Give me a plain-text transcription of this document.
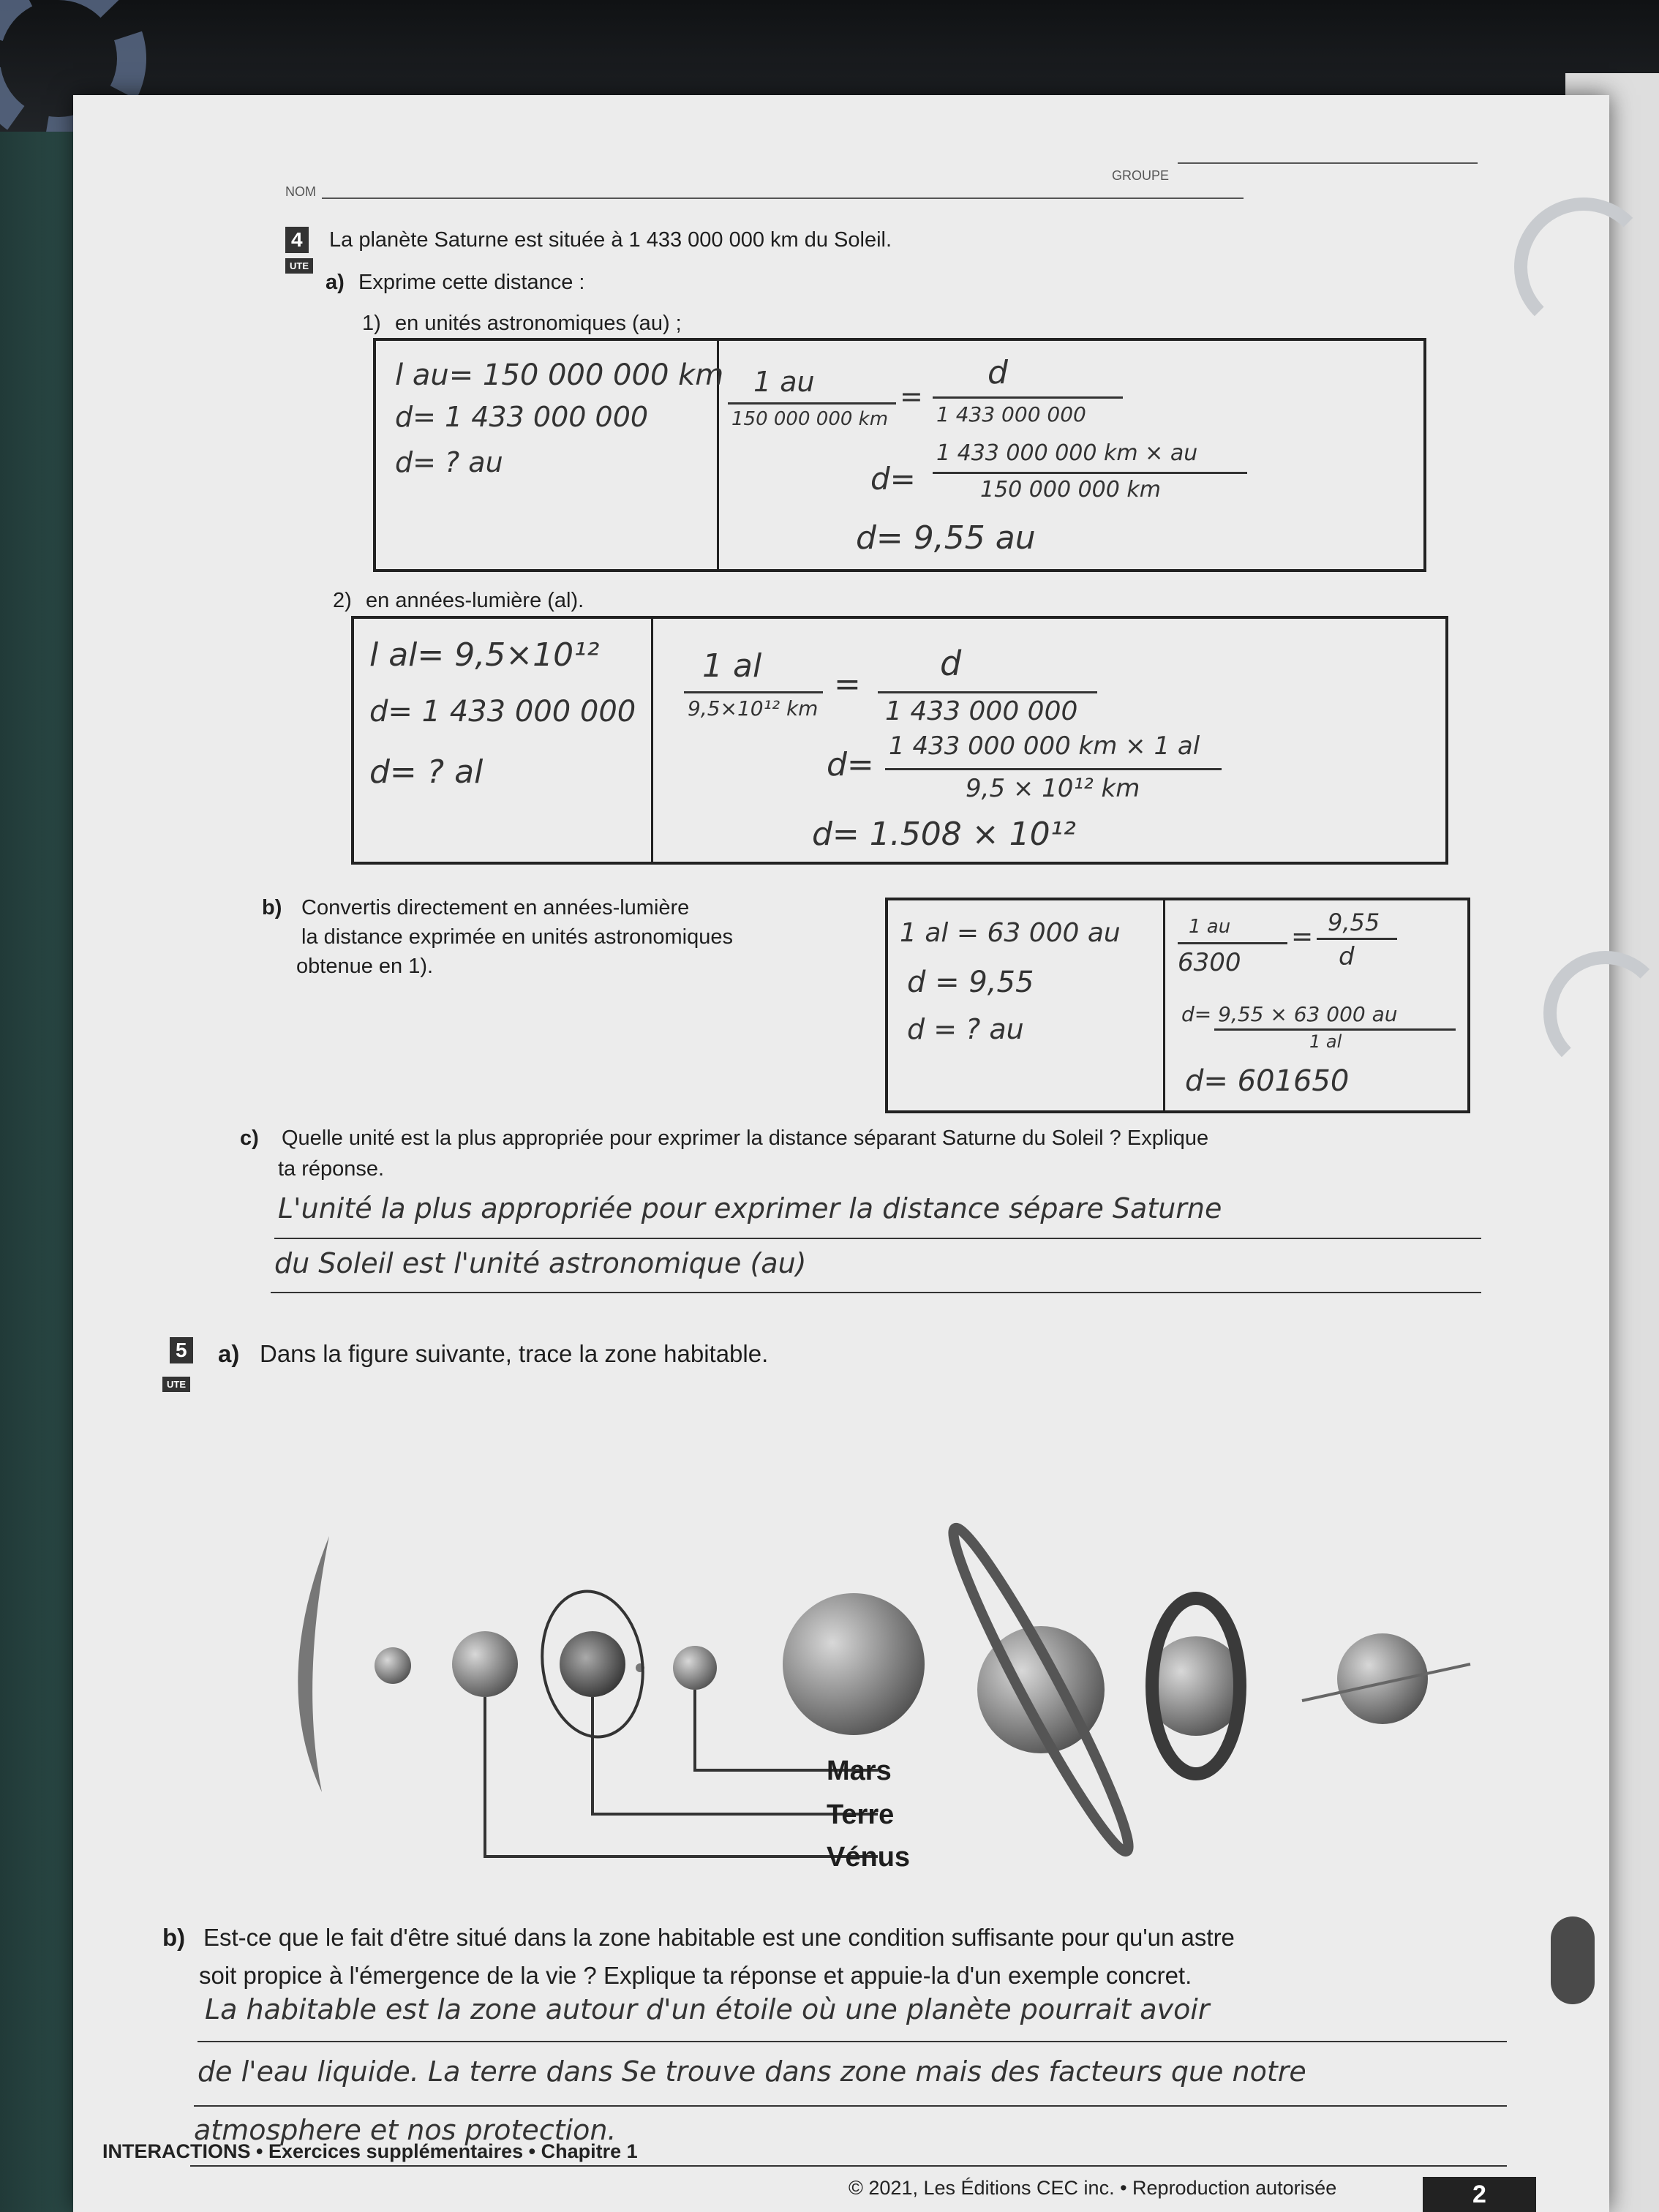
NOM
GROUPE
4
UTE
La planète Saturne est située à 1 433 000 000 km du Soleil.
a) Exprime cette distance :
1) en unités astronomiques (au) ;
l au= 150 000 000 km
d= 1 433 000 000
d= ? au
1 au
150 000 000 km
=
d
1 433 000 000
d=
1 433 000 000 km × au
150 000 000 km
d= 9,55 au
2) en années-lumière (al).
l al= 9,5×10¹²
d= 1 433 000 000
d= ? al
1 al
9,5×10¹² km
=
d
1 433 000 000
d= 1 433 000 000 km × 1 al
9,5 × 10¹² km
d= 1.508 × 10¹²
b) Convertis directement en années-lumière
la distance exprimée en unités astronomiques
obtenue en 1).
1 al = 63 000 au
d = 9,55
d = ? au
1 au
6300
= 9,55
d
d= 9,55 × 63 000 au
1 al
d= 601650
c) Quelle unité est la plus appropriée pour exprimer la distance séparant Saturne du Soleil ? Explique
ta réponse.
L'unité la plus appropriée pour exprimer la distance sépare Saturne
du Soleil est l'unité astronomique (au)
5
UTE
a) Dans la figure suivante, trace la zone habitable.
Mars
Terre
Vénus
b) Est-ce que le fait d'être situé dans la zone habitable est une condition suffisante pour qu'un astre
soit propice à l'émergence de la vie ? Explique ta réponse et appuie-la d'un exemple concret.
La habitable est la zone autour d'un étoile où une planète pourrait avoir
de l'eau liquide. La terre dans Se trouve dans zone mais des facteurs que notre
atmosphere et nos protection.
INTERACTIONS • Exercices supplémentaires • Chapitre 1
© 2021, Les Éditions CEC inc. • Reproduction autorisée	2
